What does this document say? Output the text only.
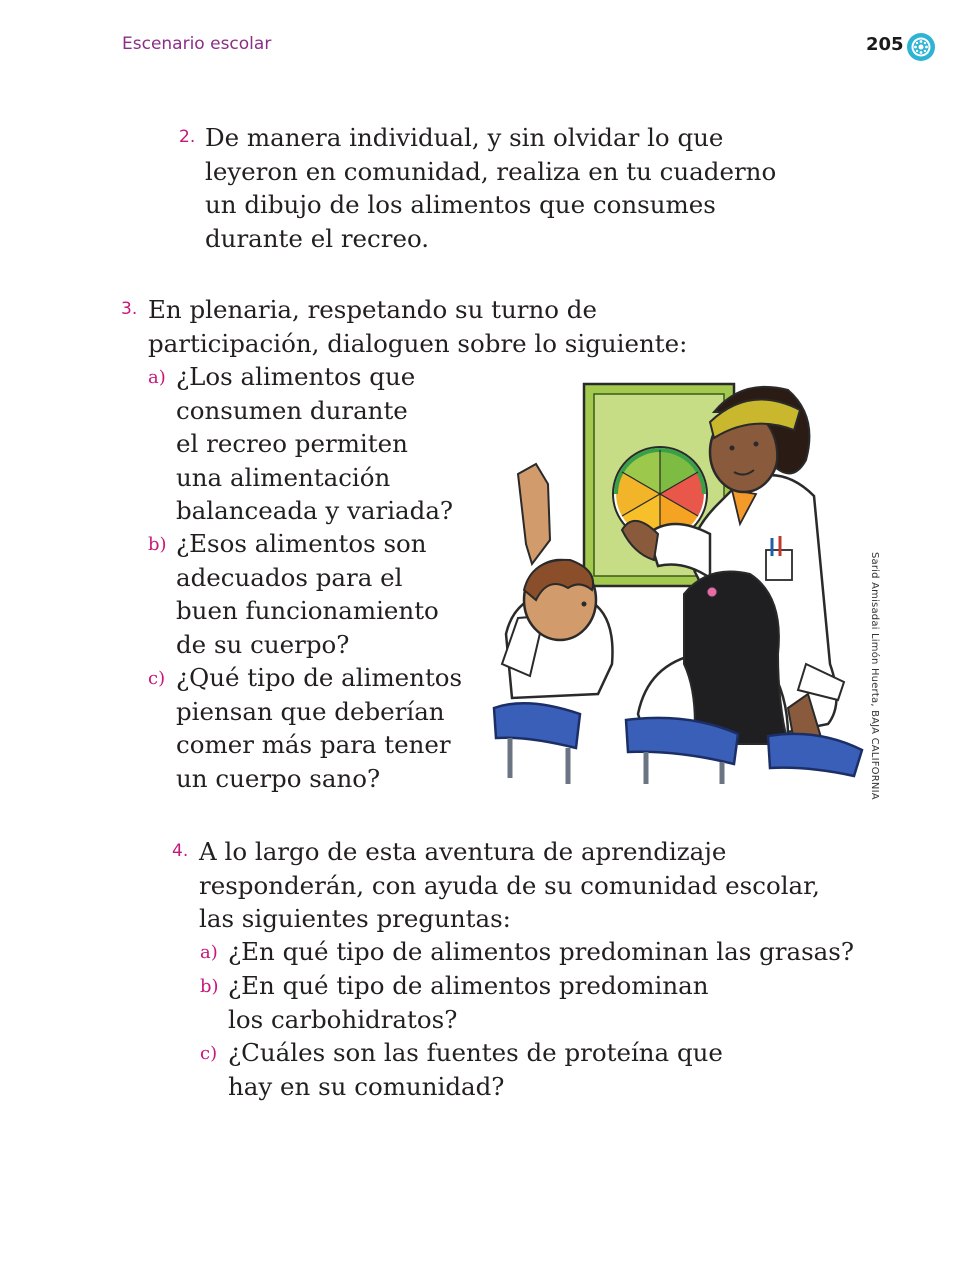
Escenario escolar	205
2. De manera individual, y sin olvidar lo que
leyeron en comunidad, realiza en tu cuaderno
un dibujo de los alimentos que consumes
durante el recreo.
3. En plenaria, respetando su turno de
participación, dialoguen sobre lo siguiente:
a) ¿Los alimentos que
consumen durante
el recreo permiten
una alimentación
balanceada y variada?
b) ¿Esos alimentos son
adecuados para el
buen funcionamiento
de su cuerpo?
c) ¿Qué tipo de alimentos
piensan que deberían
comer más para tener
un cuerpo sano?	Sarid Amisadai Limón Huerta, BAJA CALIFORNIA
4. A lo largo de esta aventura de aprendizaje
responderán, con ayuda de su comunidad escolar,
las siguientes preguntas:
a) ¿En qué tipo de alimentos predominan las grasas?
b) ¿En qué tipo de alimentos predominan
los carbohidratos?
c) ¿Cuáles son las fuentes de proteína que
hay en su comunidad?
